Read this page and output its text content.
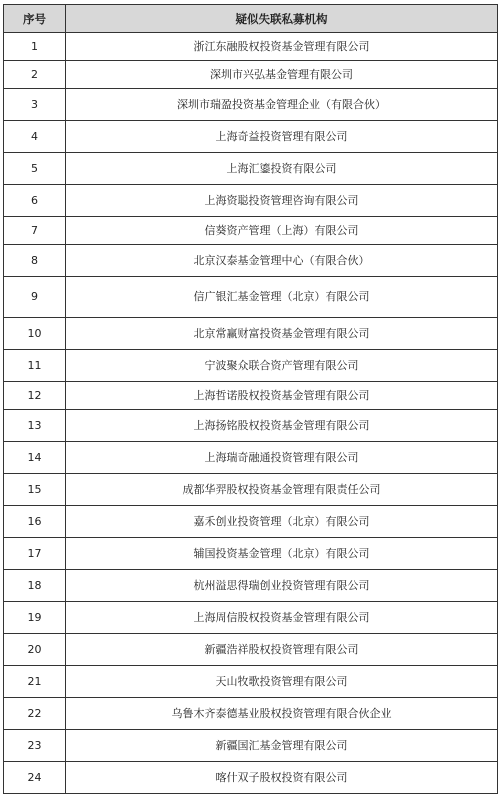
序号	疑似失联私募机构
1	浙江东融股权投资基金管理有限公司
2	深圳市兴弘基金管理有限公司
3	深圳市瑞盈投资基金管理企业（有限合伙）
4	上海奇益投资管理有限公司
5	上海汇鎏投资有限公司
6	上海资聪投资管理咨询有限公司
7	信葵资产管理（上海）有限公司
8	北京汉泰基金管理中心（有限合伙）
9	信广银汇基金管理（北京）有限公司
10	北京常赢财富投资基金管理有限公司
11	宁波聚众联合资产管理有限公司
12	上海哲诺股权投资基金管理有限公司
13	上海扬铭股权投资基金管理有限公司
14	上海瑞奇融通投资管理有限公司
15	成都华羿股权投资基金管理有限责任公司
16	嘉禾创业投资管理（北京）有限公司
17	辅国投资基金管理（北京）有限公司
18	杭州溢思得瑞创业投资管理有限公司
19	上海周信股权投资基金管理有限公司
20	新疆浩祥股权投资管理有限公司
21	天山牧歌投资管理有限公司
22	乌鲁木齐泰德基业股权投资管理有限合伙企业
23	新疆国汇基金管理有限公司
24	喀什双子股权投资有限公司
